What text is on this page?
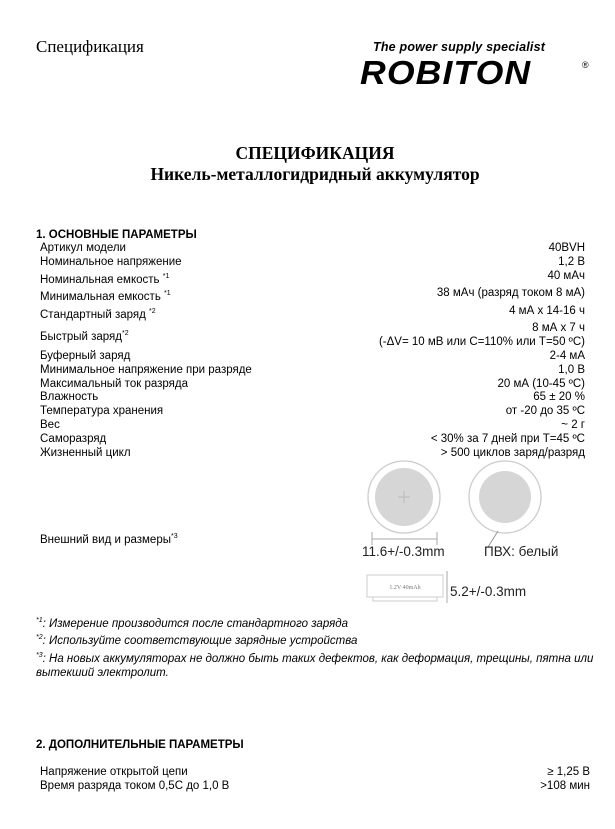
Спецификация	The power supply specialist
ROBITON	®
СПЕЦИФИКАЦИЯ
Никель-металлогидридный аккумулятор
1. ОСНОВНЫЕ ПАРАМЕТРЫ
Артикул модели	40BVH
Номинальное напряжение	1,2 В
Номинальная емкость $^{*1}$	40 мАч
Минимальная емкость $^{*1}$	38 мАч (разряд током 8 мА)
Стандартный заряд $^{*2}$	4 мА х 14-16 ч
Быстрый заряд$^{*2}$	8 мА х 7 ч
(-ΔV= 10 мВ или С=110% или Т=50 ºС)
Буферный заряд	2-4 мА
Минимальное напряжение при разряде	1,0 В
Максимальный ток разряда	20 мА (10-45 ºС)
Влажность	65 ± 20 %
Температура хранения	от -20 до 35 ºС
Вес	~ 2 г
Саморазряд	< 30% за 7 дней при Т=45 ºС
Жизненный цикл	> 500 циклов заряд/разряд
Внешний вид и размеры$^{*3}$
1.2V 40mAh
11.6+/-0.3mm	ПВХ: белый
5.2+/-0.3mm
$^{*1}$: Измерение производится после стандартного заряда
$^{*2}$: Используйте соответствующие зарядные устройства
$^{*3}$: На новых аккумуляторах не должно быть таких дефектов, как деформация, трещины, пятна или вытекший электролит.
2. ДОПОЛНИТЕЛЬНЫЕ ПАРАМЕТРЫ
Напряжение открытой цепи	≥ 1,25 В
Время разряда током 0,5С до 1,0 В	>108 мин
